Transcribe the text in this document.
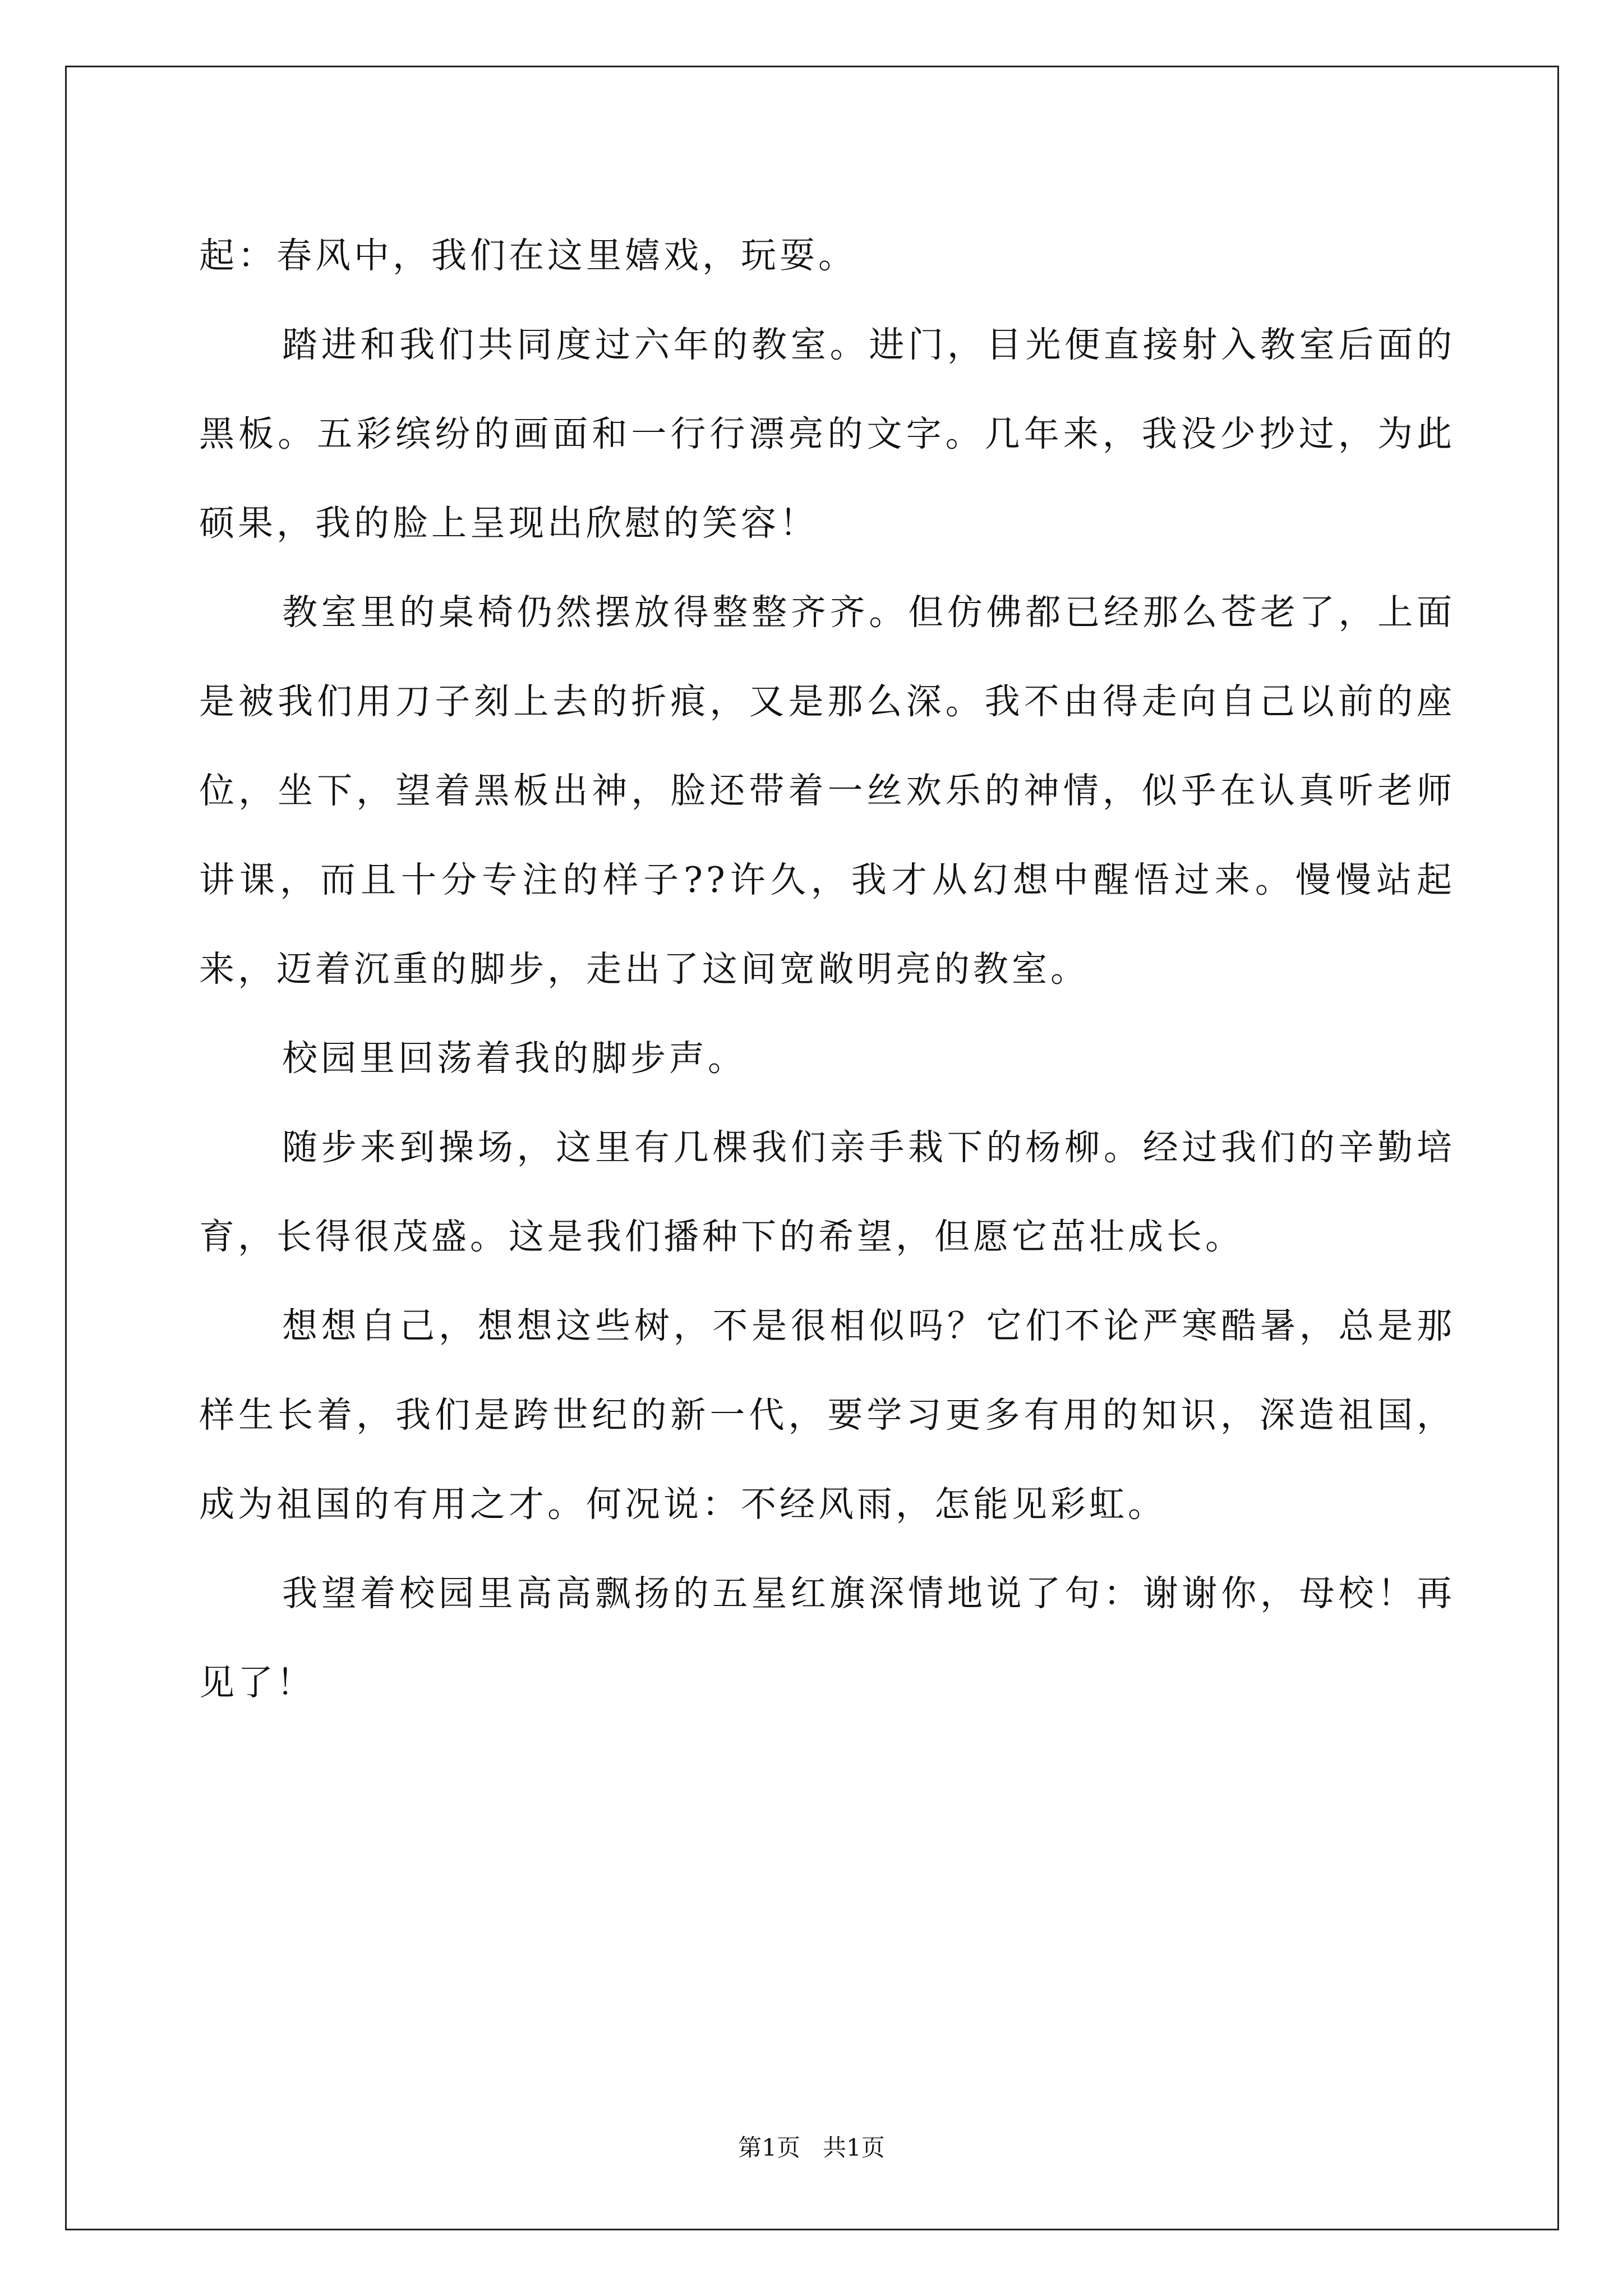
起：春风中，我们在这里嬉戏，玩耍。

踏进和我们共同度过六年的教室。进门，目光便直接射入教室后面的黑板。五彩缤纷的画面和一行行漂亮的文字。几年来，我没少抄过，为此硕果，我的脸上呈现出欣慰的笑容！

教室里的桌椅仍然摆放得整整齐齐。但仿佛都已经那么苍老了，上面是被我们用刀子刻上去的折痕，又是那么深。我不由得走向自己以前的座位，坐下，望着黑板出神，脸还带着一丝欢乐的神情，似乎在认真听老师讲课，而且十分专注的样子??许久，我才从幻想中醒悟过来。慢慢站起来，迈着沉重的脚步，走出了这间宽敞明亮的教室。

校园里回荡着我的脚步声。

随步来到操场，这里有几棵我们亲手栽下的杨柳。经过我们的辛勤培育，长得很茂盛。这是我们播种下的希望，但愿它茁壮成长。

想想自己，想想这些树，不是很相似吗？它们不论严寒酷暑，总是那样生长着，我们是跨世纪的新一代，要学习更多有用的知识，深造祖国，成为祖国的有用之才。何况说：不经风雨，怎能见彩虹。

我望着校园里高高飘扬的五星红旗深情地说了句：谢谢你，母校！再见了！

第1页 共1页
